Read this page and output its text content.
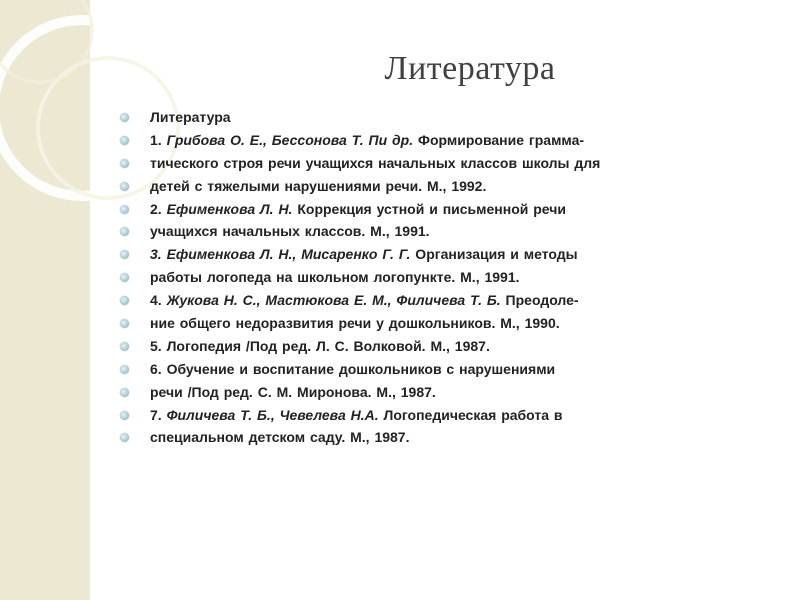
Литература
Литература
1. Грибова О. Е., Бессонова Т. Пи др. Формирование грамма-
тического строя речи учащихся начальных классов школы для
детей с тяжелыми нарушениями речи. М., 1992.
2. Ефименкова Л. Н. Коррекция устной и письменной речи
учащихся начальных классов. М., 1991.
3. Ефименкова Л. Н., Мисаренко Г. Г. Организация и методы
работы логопеда на школьном логопункте. М., 1991.
4. Жукова Н. С., Мастюкова Е. М., Филичева Т. Б. Преодоле-
ние общего недоразвития речи у дошкольников. М., 1990.
5. Логопедия /Под ред. Л. С. Волковой. М., 1987.
6. Обучение и воспитание дошкольников с нарушениями
речи /Под ред. С. М. Миронова. М., 1987.
7. Филичева Т. Б., Чевелева Н.А. Логопедическая работа в
специальном детском саду. М., 1987.
